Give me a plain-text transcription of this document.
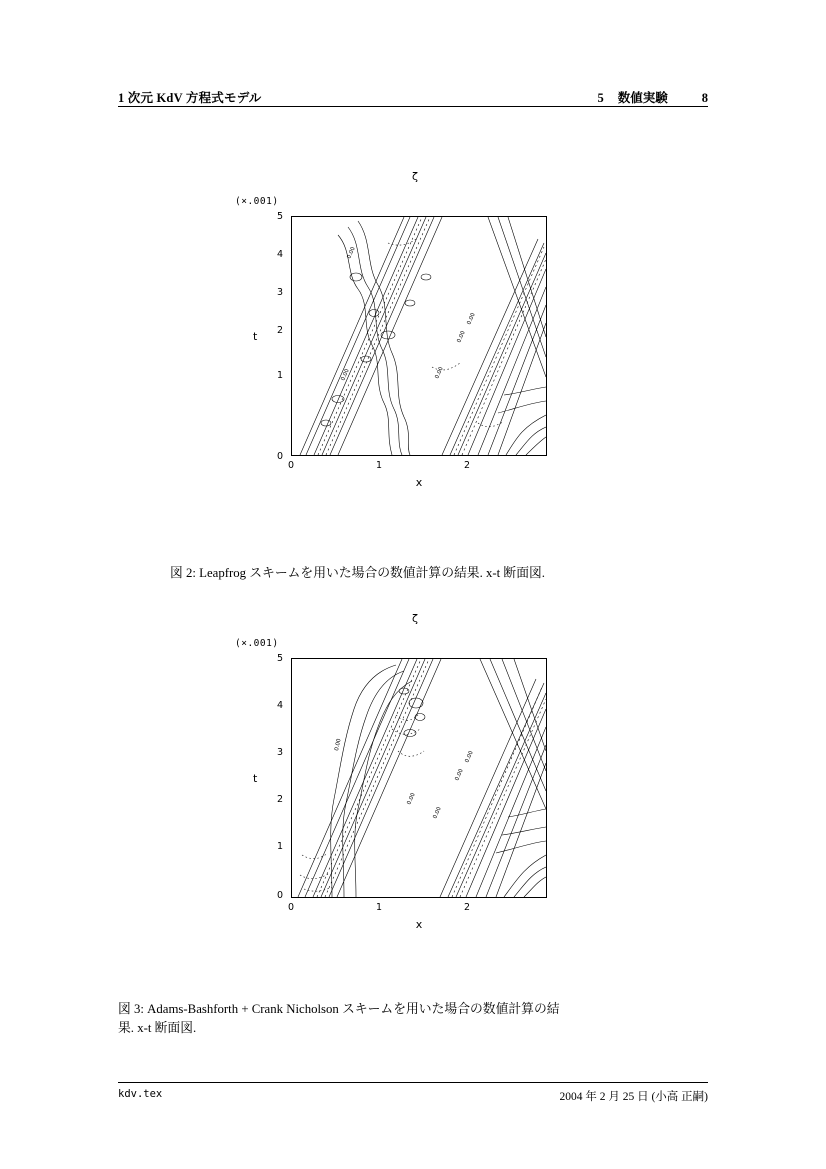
1 次元 KdV 方程式モデル	5 数値実験	8
ζ
(×.001)
t
5
4
3
2
1
0
0	1	2
x
0.00
0.00
0.00
0.00
0.00
図 2: Leapfrog スキームを用いた場合の数値計算の結果. x-t 断面図.
ζ
(×.001)
t
5
4
3
2
1
0
0	1	2
x
0.00
0.00
0.00
0.00
0.00
図 3: Adams-Bashforth + Crank Nicholson スキームを用いた場合の数値計算の結
果. x-t 断面図.
kdv.tex	2004 年 2 月 25 日 (小高 正嗣)
